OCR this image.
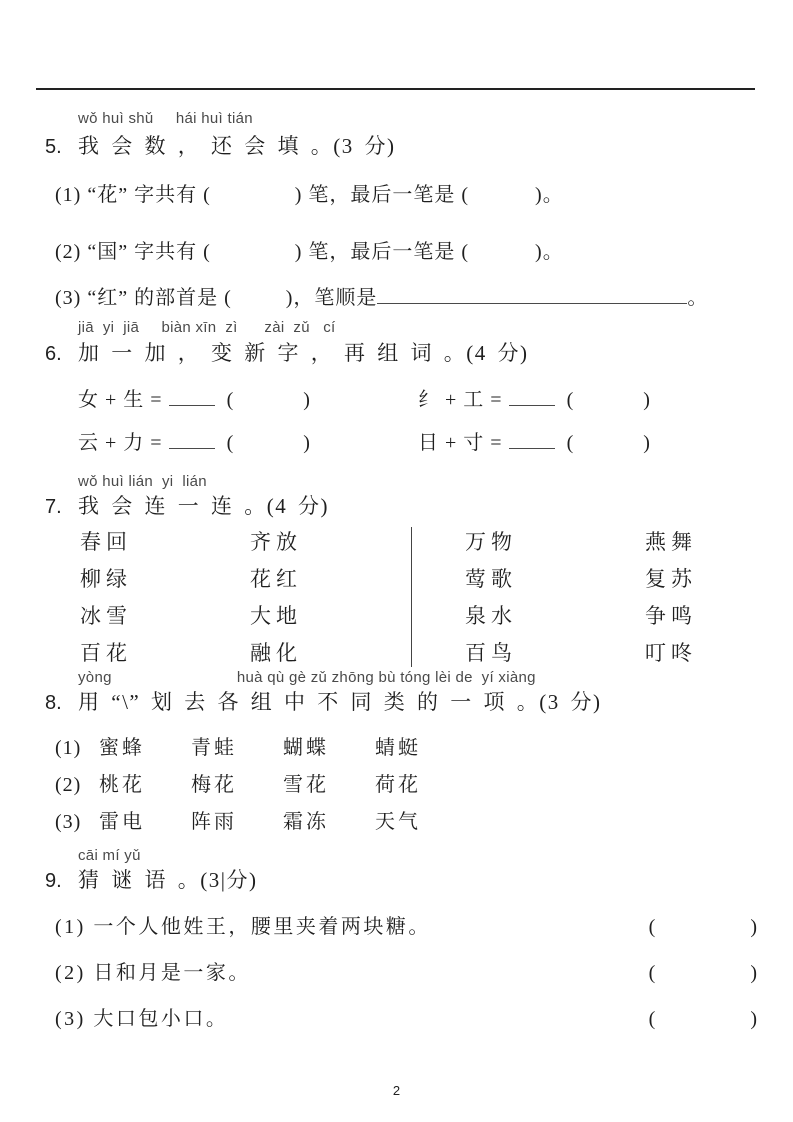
wǒ huì shǔ     hái huì tián
5. 我 会 数 ， 还 会 填 。(3 分)
(1) “花” 字共有 (              ) 笔，最后一笔是 (           )。
(2) “国” 字共有 (              ) 笔，最后一笔是 (           )。
(3) “红” 的部首是 (         )，笔顺是	。
jiā  yi  jiā     biàn xīn  zì      zài  zǔ   cí
6. 加 一 加 ， 变 新 字 ， 再 组 词 。(4 分)
女 + 生 =	(              )	纟 + 工 =	(              )
云 + 力 =	(              )	日 + 寸 =	(              )
wǒ huì lián  yi  lián
7. 我 会 连 一 连 。(4 分)
春回	齐放	万物	燕舞
柳绿	花红	莺歌	复苏
冰雪	大地	泉水	争鸣
百花	融化	百鸟	叮咚
yòng                            huà qù gè zǔ zhōng bù tóng lèi de  yí xiàng
8. 用 “\” 划 去 各 组 中 不 同 类 的 一 项 。(3 分)
(1) 蜜蜂 青蛙 蝴蝶 蜻蜓
(2) 桃花 梅花 雪花 荷花
(3) 雷电 阵雨 霜冻 天气
cāi mí yǔ
9. 猜 谜 语 。(3|分)
(1) 一个人他姓王，腰里夹着两块糖。	(                   )
(2) 日和月是一家。	(                   )
(3) 大口包小口。	(                   )
2
